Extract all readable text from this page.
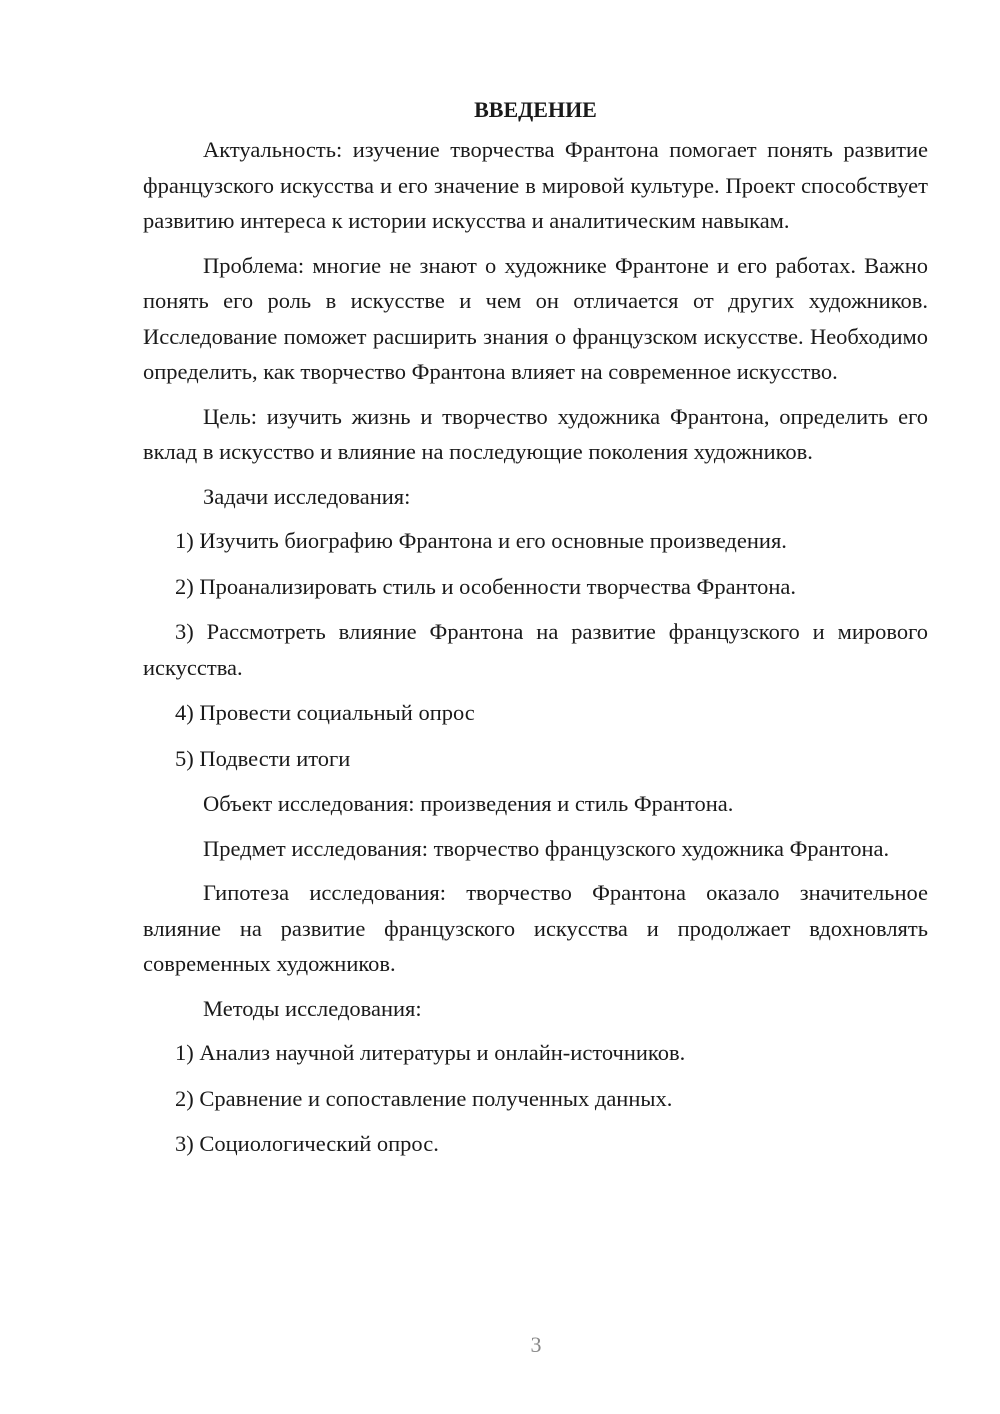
ВВЕДЕНИЕ

Актуальность: изучение творчества Франтона помогает понять развитие французского искусства и его значение в мировой культуре. Проект способствует развитию интереса к истории искусства и аналитическим навыкам.

Проблема: многие не знают о художнике Франтоне и его работах. Важно понять его роль в искусстве и чем он отличается от других художников. Исследование поможет расширить знания о французском искусстве. Необходимо определить, как творчество Франтона влияет на современное искусство.

Цель: изучить жизнь и творчество художника Франтона, определить его вклад в искусство и влияние на последующие поколения художников.

Задачи исследования:

1) Изучить биографию Франтона и его основные произведения.

2) Проанализировать стиль и особенности творчества Франтона.

3) Рассмотреть влияние Франтона на развитие французского и мирового искусства.

4) Провести социальный опрос

5) Подвести итоги

Объект исследования: произведения и стиль Франтона.

Предмет исследования: творчество французского художника Франтона.

Гипотеза исследования: творчество Франтона оказало значительное влияние на развитие французского искусства и продолжает вдохновлять современных художников.

Методы исследования:

1) Анализ научной литературы и онлайн-источников.

2) Сравнение и сопоставление полученных данных.

3) Социологический опрос.

3
